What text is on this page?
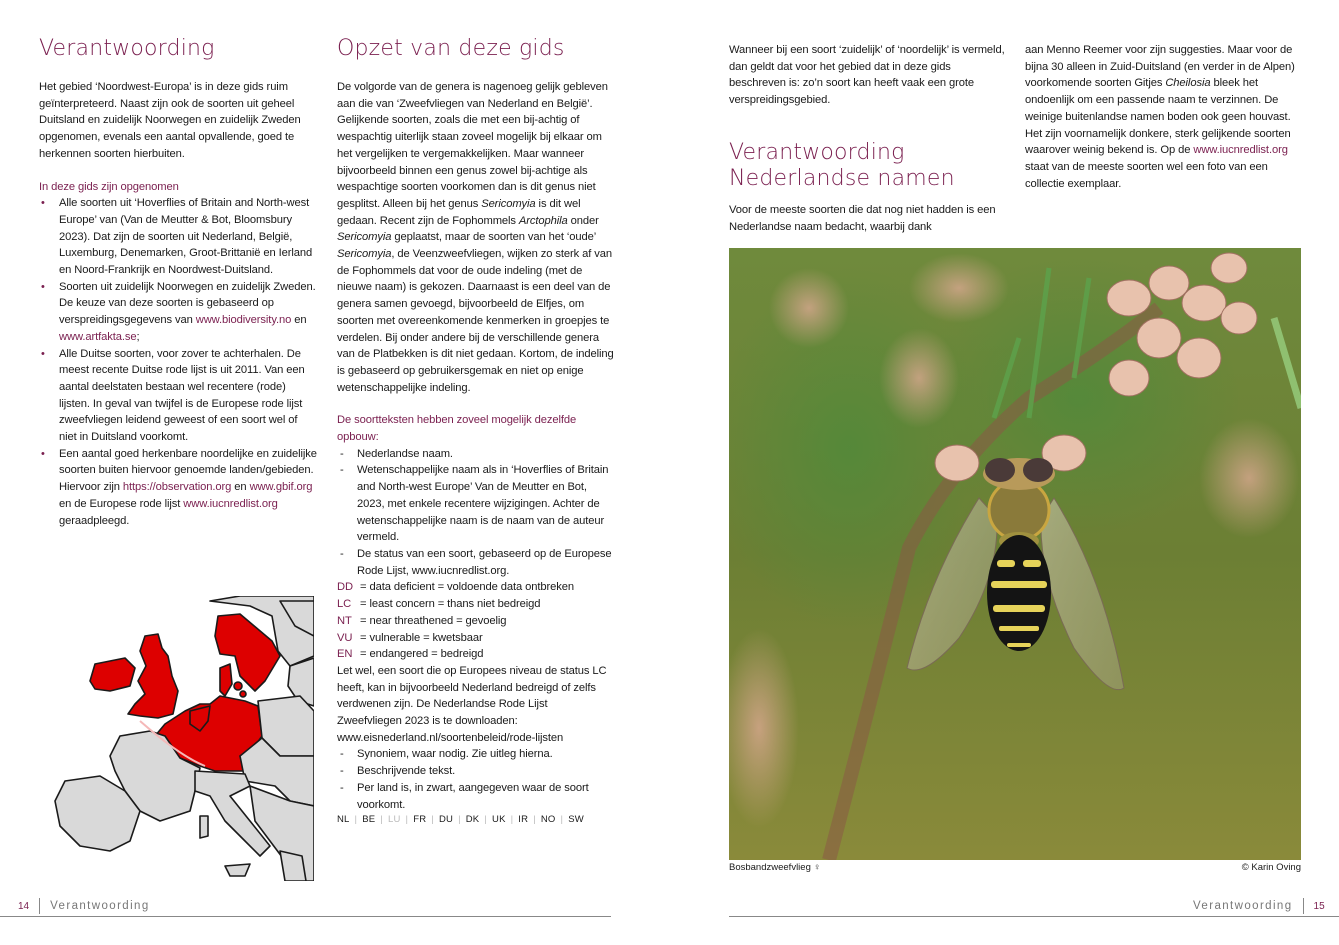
Verantwoording

Het gebied ‘Noordwest-Europa’ is in deze gids ruim geïnterpreteerd. Naast zijn ook de soorten uit geheel Duitsland en zuidelijk Noorwegen en zuidelijk Zweden opgenomen, evenals een aantal opvallende, goed te herkennen soorten hierbuiten.

In deze gids zijn opgenomen

• Alle soorten uit ‘Hoverflies of Britain and North-west Europe’ van (Van de Meutter & Bot, Bloomsbury 2023). Dat zijn de soorten uit Nederland, België, Luxemburg, Denemarken, Groot-Brittanië en Ierland en Noord-Frankrijk en Noordwest-Duitsland.
• Soorten uit zuidelijk Noorwegen en zuidelijk Zweden. De keuze van deze soorten is gebaseerd op verspreidingsgegevens van www.biodiversity.no en www.artfakta.se;
• Alle Duitse soorten, voor zover te achterhalen. De meest recente Duitse rode lijst is uit 2011. Van een aantal deelstaten bestaan wel recentere (rode) lijsten. In geval van twijfel is de Europese rode lijst zweefvliegen leidend geweest of een soort wel of niet in Duitsland voorkomt.
• Een aantal goed herkenbare noordelijke en zuidelijke soorten buiten hiervoor genoemde landen/gebieden. Hiervoor zijn https://observation.org en www.gbif.org en de Europese rode lijst www.iucnredlist.org geraadpleegd.
Opzet van deze gids

De volgorde van de genera is nagenoeg gelijk gebleven aan die van ‘Zweefvliegen van Nederland en België’. Gelijkende soorten, zoals die met een bij-achtig of wespachtig uiterlijk staan zoveel mogelijk bij elkaar om het vergelijken te vergemakkelijken. Maar wanneer bijvoorbeeld binnen een genus zowel bij-achtige als wespachtige soorten voorkomen dan is dit genus niet gesplitst. Alleen bij het genus Sericomyia is dit wel gedaan. Recent zijn de Fophommels Arctophila onder Sericomyia geplaatst, maar de soorten van het ‘oude’ Sericomyia, de Veenzweefvliegen, wijken zo sterk af van de Fophommels dat voor de oude indeling (met de nieuwe naam) is gekozen. Daarnaast is een deel van de genera samen gevoegd, bijvoorbeeld de Elfjes, om soorten met overeenkomende kenmerken in groepjes te verdelen. Bij onder andere bij de verschillende genera van de Platbekken is dit niet gedaan. Kortom, de indeling is gebaseerd op gebruikersgemak en niet op enige wetenschappelijke indeling.

De soortteksten hebben zoveel mogelijk dezelfde opbouw:

- Nederlandse naam.
- Wetenschappelijke naam als in ‘Hoverflies of Britain and North-west Europe’ Van de Meutter en Bot, 2023, met enkele recentere wijzigingen. Achter de wetenschappelijke naam is de naam van de auteur vermeld.
- De status van een soort, gebaseerd op de Europese Rode Lijst, www.iucnredlist.org.
DD = data deficient = voldoende data ontbreken
LC = least concern = thans niet bedreigd
NT = near threathened = gevoelig
VU = vulnerable = kwetsbaar
EN = endangered = bedreigd

Let wel, een soort die op Europees niveau de status LC heeft, kan in bijvoorbeeld Nederland bedreigd of zelfs verdwenen zijn. De Nederlandse Rode Lijst Zweefvliegen 2023 is te downloaden: www.eisnederland.nl/soortenbeleid/rode-lijsten

- Synoniem, waar nodig. Zie uitleg hierna.
- Beschrijvende tekst.
- Per land is, in zwart, aangegeven waar de soort voorkomt.
NL | BE | LU | FR | DU | DK | UK | IR | NO | SW

Wanneer bij een soort ‘zuidelijk’ of ‘noordelijk’ is vermeld, dan geldt dat voor het gebied dat in deze gids beschreven is: zo’n soort kan heeft vaak een grote verspreidingsgebied.

Verantwoording
Nederlandse namen

Voor de meeste soorten die dat nog niet hadden is een Nederlandse naam bedacht, waarbij dank

aan Menno Reemer voor zijn suggesties. Maar voor de bijna 30 alleen in Zuid-Duitsland (en verder in de Alpen) voorkomende soorten Gitjes Cheilosia bleek het ondoenlijk om een passende naam te verzinnen. De weinige buitenlandse namen boden ook geen houvast. Het zijn voornamelijk donkere, sterk gelijkende soorten waarover weinig bekend is. Op de www.iucnredlist.org staat van de meeste soorten wel een foto van een collectie exemplaar.

Bosbandzweefvlieg ♀	© Karin Oving
14 Verantwoording	Verantwoording 15
